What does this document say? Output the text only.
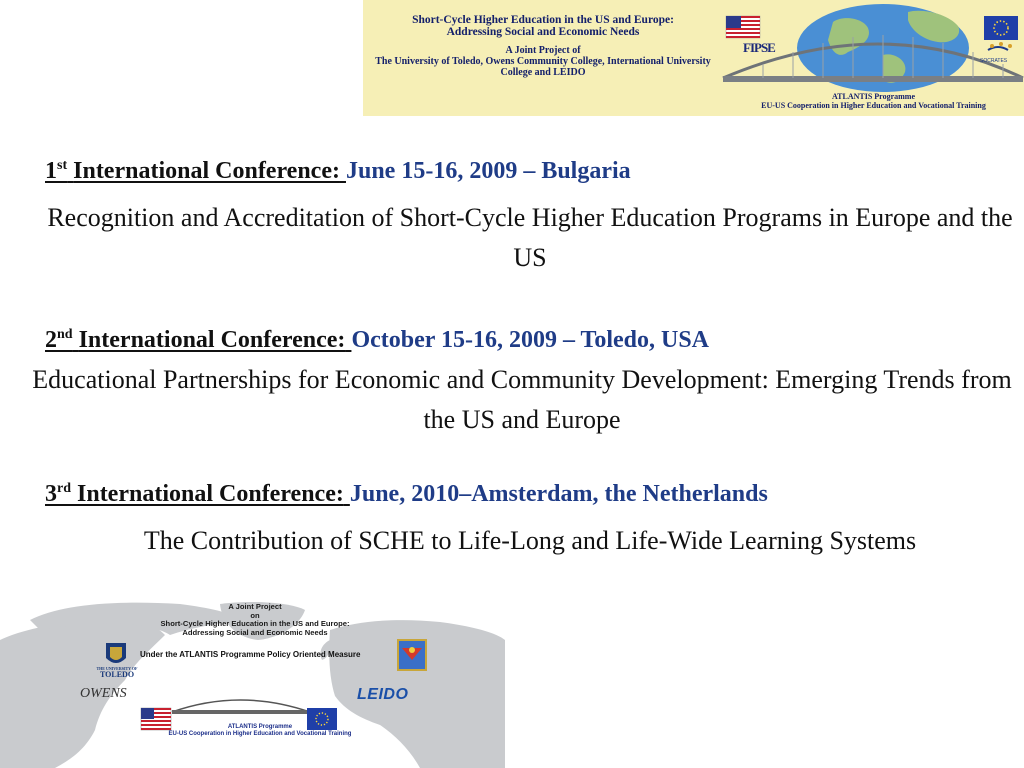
Short-Cycle Higher Education in the US and Europe:
Addressing Social and Economic Needs
A Joint Project of
The University of Toledo, Owens Community College, International University
College and LEIDO
FIPSE
SOCRATES
ATLANTIS Programme
EU-US Cooperation in Higher Education and Vocational Training
1st International Conference: June 15-16, 2009 – Bulgaria
Recognition and Accreditation of Short-Cycle Higher Education Programs in Europe and the US
2nd International Conference: October 15-16, 2009 – Toledo, USA
Educational Partnerships for Economic and Community Development: Emerging Trends from the US and Europe
3rd International Conference: June, 2010–Amsterdam, the Netherlands
The Contribution of SCHE to Life-Long and Life-Wide Learning Systems
A Joint Project
on
Short-Cycle Higher Education in the US and Europe:
Addressing Social and Economic Needs
Under the ATLANTIS Programme Policy Oriented Measure
THE UNIVERSITY OF
TOLEDO
OWENS	LEIDO
ATLANTIS Programme
EU-US Cooperation in Higher Education and Vocational Training
